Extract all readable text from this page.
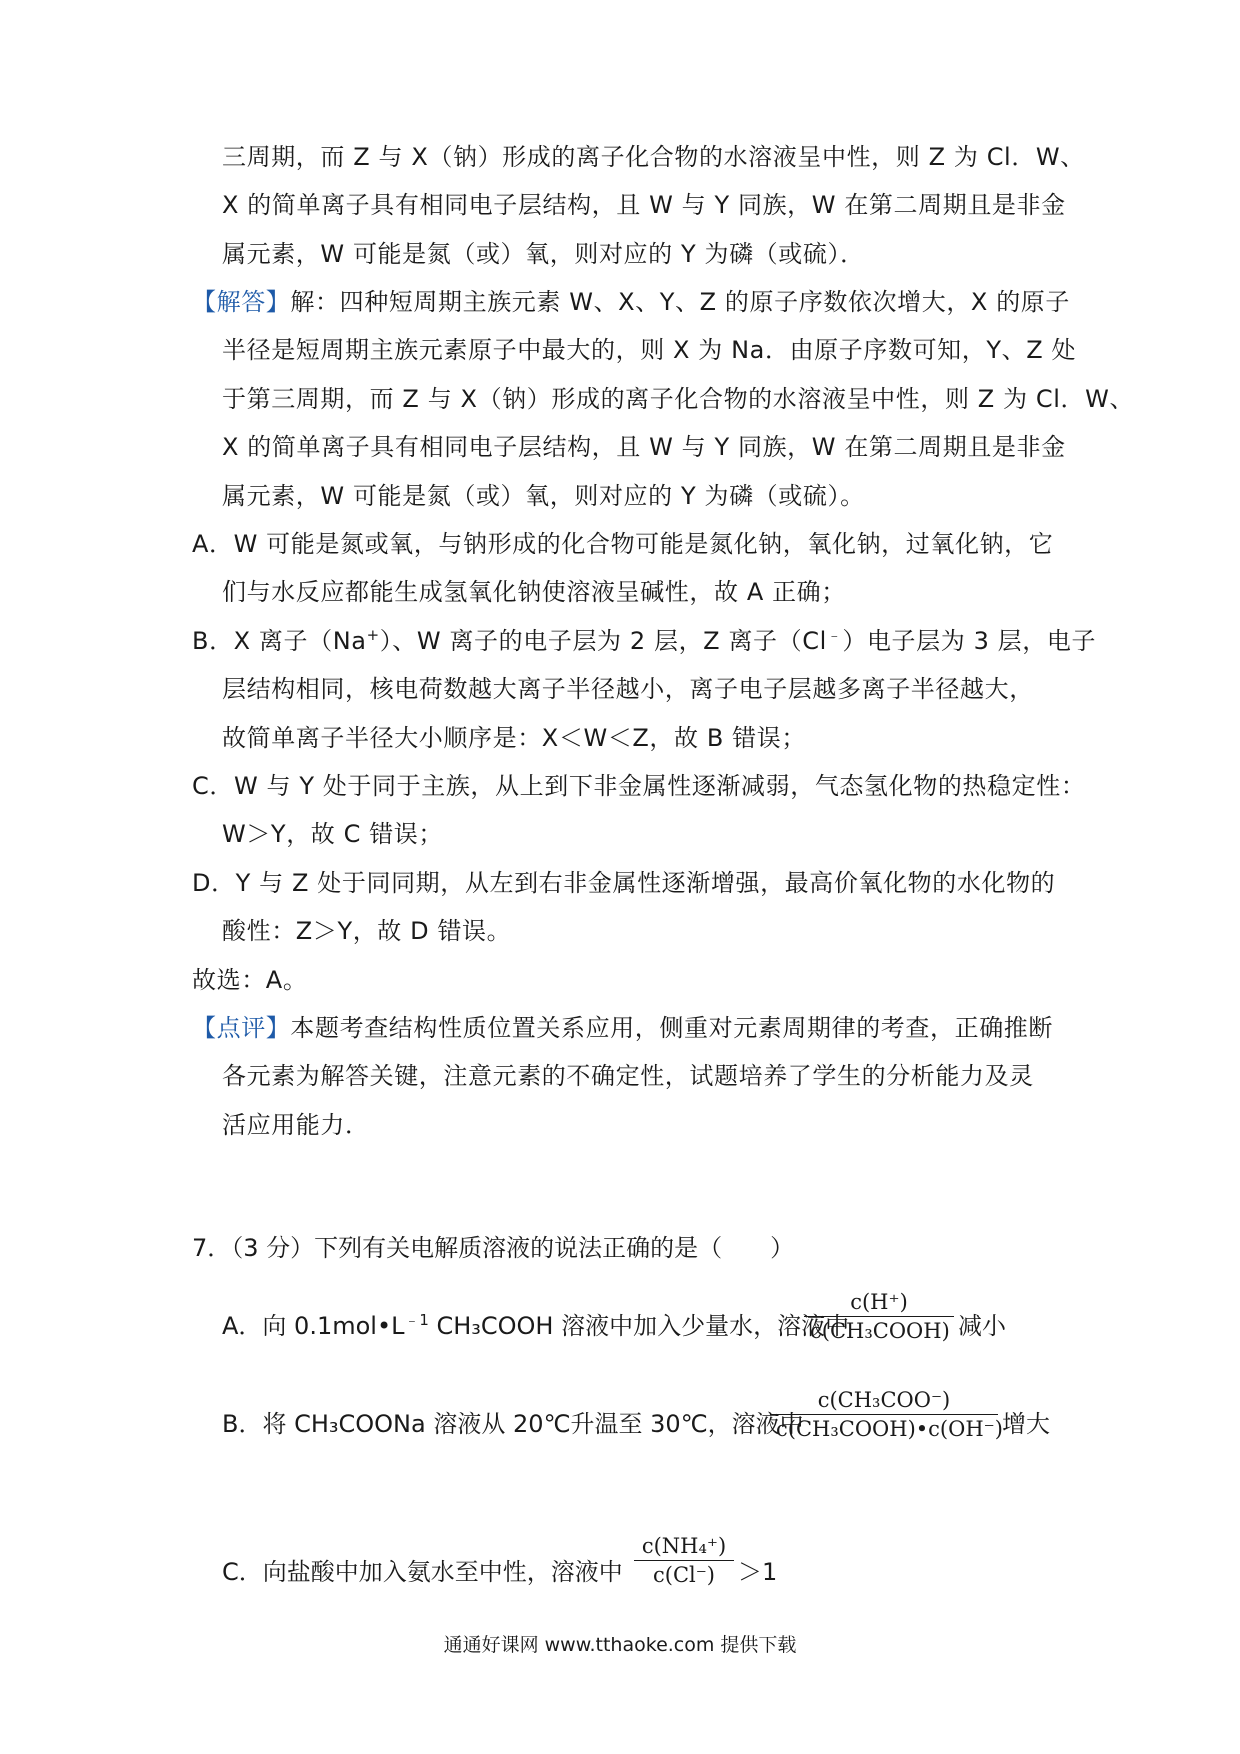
三周期，而 Z 与 X（钠）形成的离子化合物的水溶液呈中性，则 Z 为 Cl．W、
X 的简单离子具有相同电子层结构，且 W 与 Y 同族，W 在第二周期且是非金
属元素，W 可能是氮（或）氧，则对应的 Y 为磷（或硫）．
【解答】解：四种短周期主族元素 W、X、Y、Z 的原子序数依次增大，X 的原子
半径是短周期主族元素原子中最大的，则 X 为 Na．由原子序数可知，Y、Z 处
于第三周期，而 Z 与 X（钠）形成的离子化合物的水溶液呈中性，则 Z 为 Cl．W、
X 的简单离子具有相同电子层结构，且 W 与 Y 同族，W 在第二周期且是非金
属元素，W 可能是氮（或）氧，则对应的 Y 为磷（或硫）。
A．W 可能是氮或氧，与钠形成的化合物可能是氮化钠，氧化钠，过氧化钠，它
们与水反应都能生成氢氧化钠使溶液呈碱性，故 A 正确；
B．X 离子（Na+）、W 离子的电子层为 2 层，Z 离子（Cl﹣）电子层为 3 层，电子
层结构相同，核电荷数越大离子半径越小，离子电子层越多离子半径越大，
故简单离子半径大小顺序是：X＜W＜Z，故 B 错误；
C．W 与 Y 处于同于主族，从上到下非金属性逐渐减弱，气态氢化物的热稳定性：
W＞Y，故 C 错误；
D．Y 与 Z 处于同同期，从左到右非金属性逐渐增强，最高价氧化物的水化物的
酸性：Z＞Y，故 D 错误。
故选：A。
【点评】本题考查结构性质位置关系应用，侧重对元素周期律的考查，正确推断
各元素为解答关键，注意元素的不确定性，试题培养了学生的分析能力及灵
活应用能力．
7．（3 分）下列有关电解质溶液的说法正确的是（　　）
A．向 $0.1mol•L^{﹣1}$ CH₃COOH 溶液中加入少量水，溶液中
c(H⁺)
c(CH₃COOH) 减小
B．将 CH₃COONa 溶液从 20℃升温至 30℃，溶液中
c(CH₃COO⁻)
c(CH₃COOH)•c(OH⁻) 增大
C．向盐酸中加入氨水至中性，溶液中
c(NH₄⁺)
c(Cl⁻) ＞1
通通好课网 www.tthaoke.com 提供下载
